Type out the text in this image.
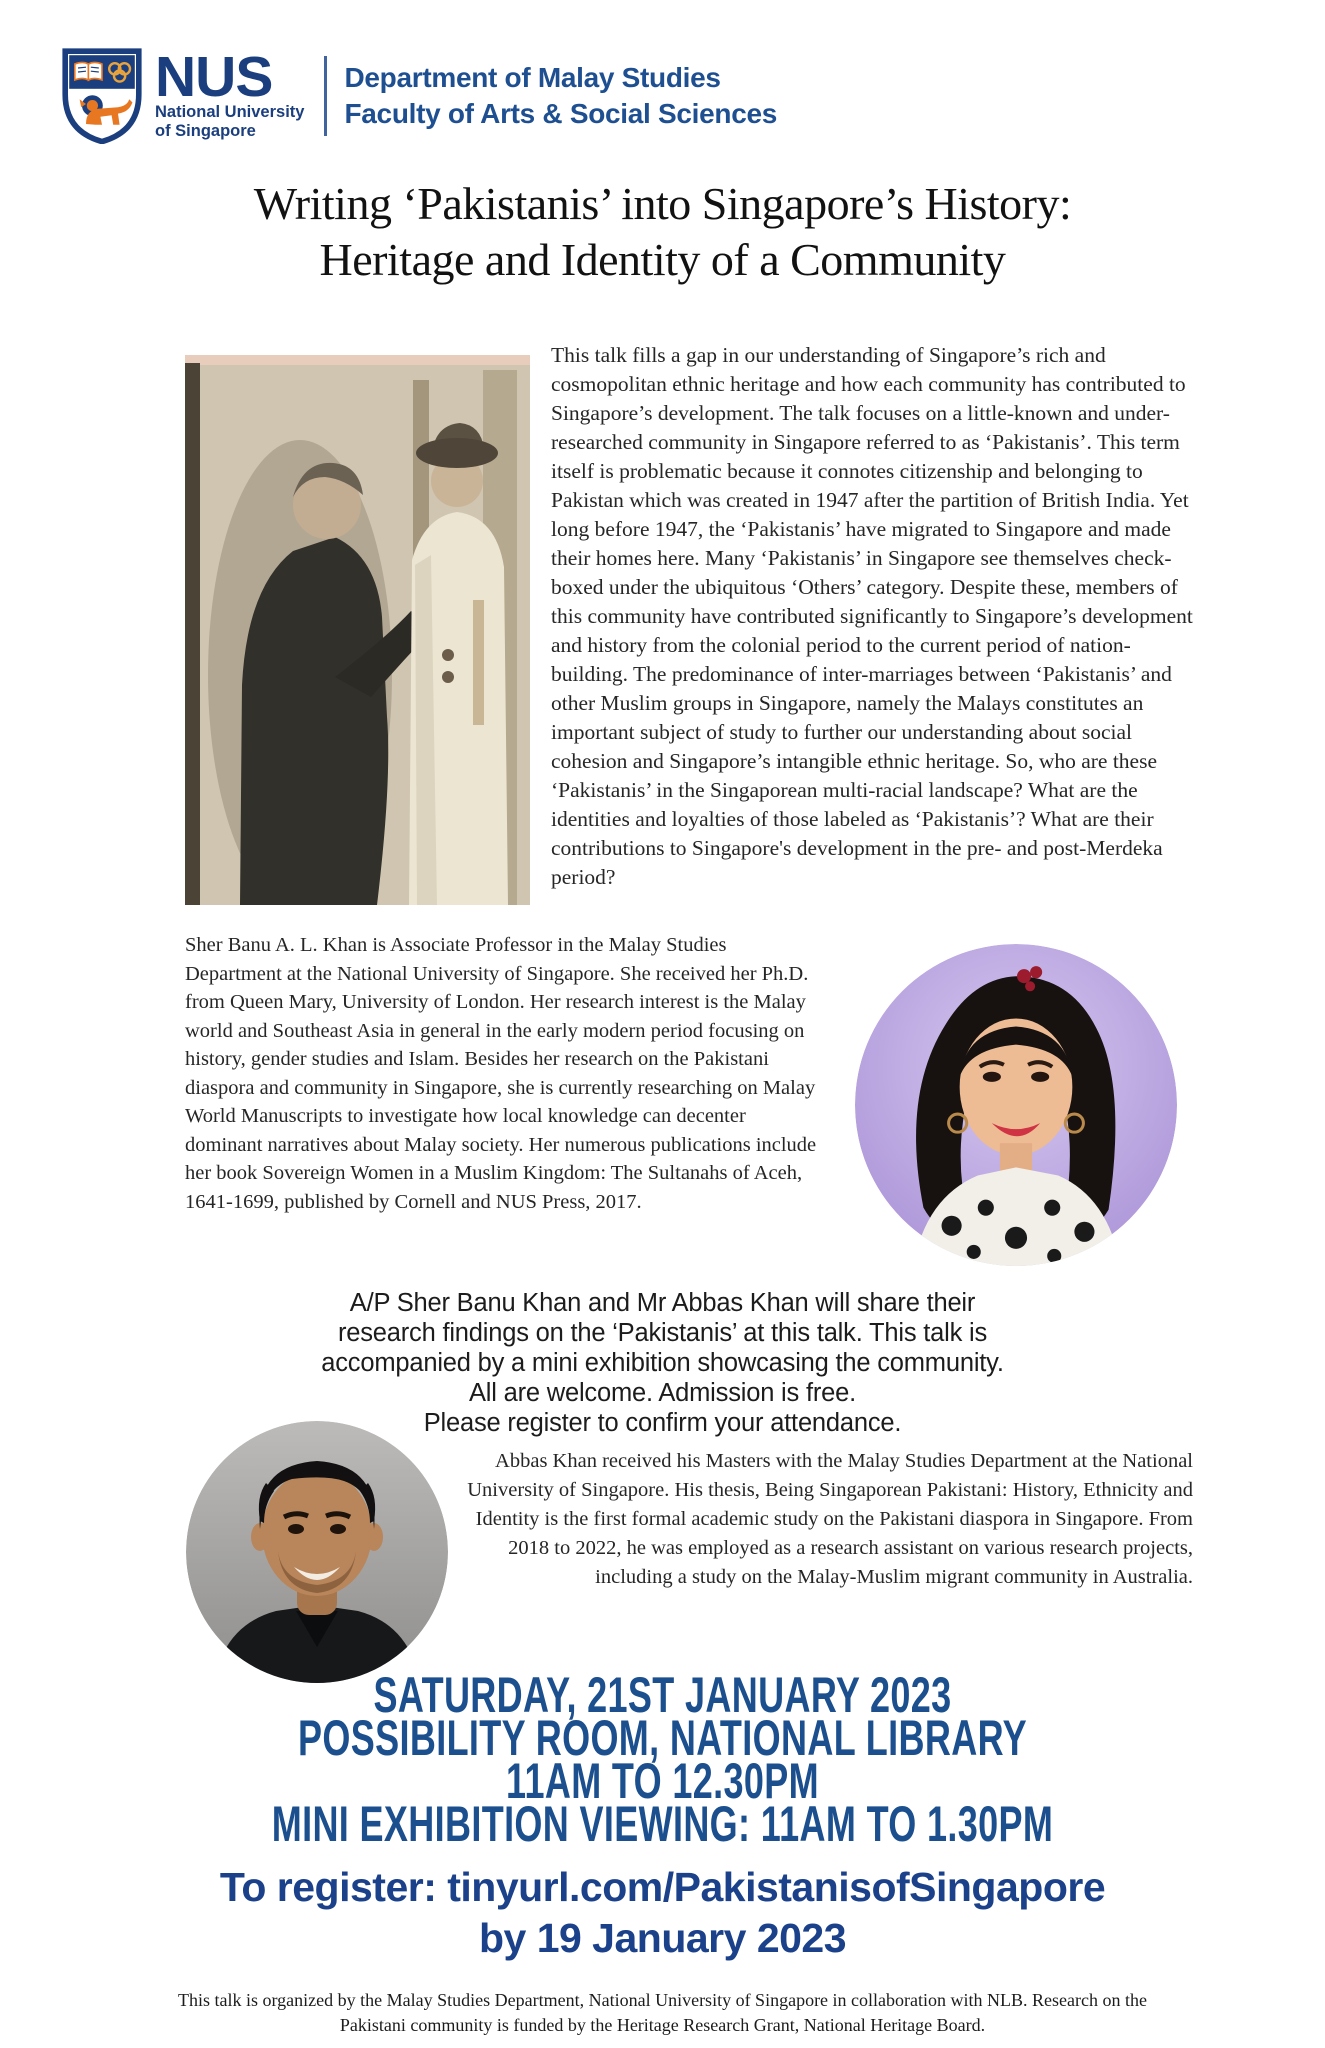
NUS
National University
of Singapore
Department of Malay Studies
Faculty of Arts & Social Sciences
Writing ‘Pakistanis’ into Singapore’s History:
Heritage and Identity of a Community
This talk fills a gap in our understanding of Singapore’s rich and cosmopolitan ethnic heritage and how each community has contributed to Singapore’s development. The talk focuses on a little-known and under-researched community in Singapore referred to as ‘Pakistanis’. This term itself is problematic because it connotes citizenship and belonging to Pakistan which was created in 1947 after the partition of British India. Yet long before 1947, the ‘Pakistanis’ have migrated to Singapore and made their homes here. Many ‘Pakistanis’ in Singapore see themselves check-boxed under the ubiquitous ‘Others’ category. Despite these, members of this community have contributed significantly to Singapore’s development and history from the colonial period to the current period of nation-building. The predominance of inter-marriages between ‘Pakistanis’ and other Muslim groups in Singapore, namely the Malays constitutes an important subject of study to further our understanding about social cohesion and Singapore’s intangible ethnic heritage. So, who are these ‘Pakistanis’ in the Singaporean multi-racial landscape? What are the identities and loyalties of those labeled as ‘Pakistanis’? What are their contributions to Singapore's development in the pre- and post-Merdeka period?
Sher Banu A. L. Khan is Associate Professor in the Malay Studies Department at the National University of Singapore. She received her Ph.D. from Queen Mary, University of London. Her research interest is the Malay world and Southeast Asia in general in the early modern period focusing on history, gender studies and Islam. Besides her research on the Pakistani diaspora and community in Singapore, she is currently researching on Malay World Manuscripts to investigate how local knowledge can decenter dominant narratives about Malay society. Her numerous publications include her book Sovereign Women in a Muslim Kingdom: The Sultanahs of Aceh, 1641-1699, published by Cornell and NUS Press, 2017.
A/P Sher Banu Khan and Mr Abbas Khan will share their
research findings on the ‘Pakistanis’ at this talk. This talk is
accompanied by a mini exhibition showcasing the community.
All are welcome. Admission is free.
Please register to confirm your attendance.
Abbas Khan received his Masters with the Malay Studies Department at the National University of Singapore. His thesis, Being Singaporean Pakistani: History, Ethnicity and Identity is the first formal academic study on the Pakistani diaspora in Singapore. From 2018 to 2022, he was employed as a research assistant on various research projects, including a study on the Malay-Muslim migrant community in Australia.
SATURDAY, 21ST JANUARY 2023
POSSIBILITY ROOM, NATIONAL LIBRARY
11AM TO 12.30PM
MINI EXHIBITION VIEWING: 11AM TO 1.30PM
To register: tinyurl.com/PakistanisofSingapore
by 19 January 2023
This talk is organized by the Malay Studies Department, National University of Singapore in collaboration with NLB. Research on the
Pakistani community is funded by the Heritage Research Grant, National Heritage Board.
